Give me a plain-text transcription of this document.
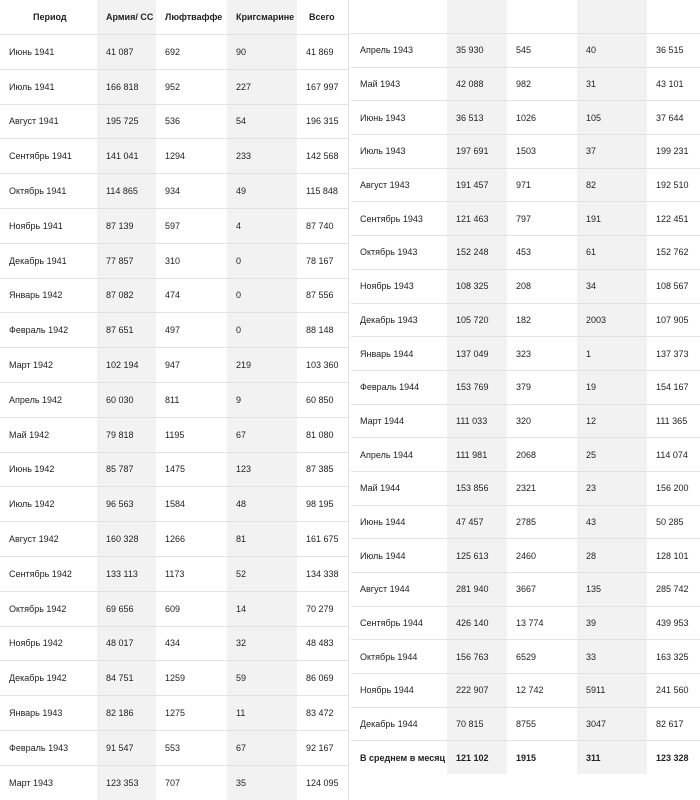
Период	Армия/ СС	Люфтваффе	Кригсмарине	Всего
Июнь 1941	41 087	692	90	41 869
Июль 1941	166 818	952	227	167 997
Август 1941	195 725	536	54	196 315
Сентябрь 1941	141 041	1294	233	142 568
Октябрь 1941	114 865	934	49	115 848
Ноябрь 1941	87 139	597	4	87 740
Декабрь 1941	77 857	310	0	78 167
Январь 1942	87 082	474	0	87 556
Февраль 1942	87 651	497	0	88 148
Март 1942	102 194	947	219	103 360
Апрель 1942	60 030	811	9	60 850
Май 1942	79 818	1195	67	81 080
Июнь 1942	85 787	1475	123	87 385
Июль 1942	96 563	1584	48	98 195
Август 1942	160 328	1266	81	161 675
Сентябрь 1942	133 113	1173	52	134 338
Октябрь 1942	69 656	609	14	70 279
Ноябрь 1942	48 017	434	32	48 483
Декабрь 1942	84 751	1259	59	86 069
Январь 1943	82 186	1275	11	83 472
Февраль 1943	91 547	553	67	92 167
Март 1943	123 353	707	35	124 095

Апрель 1943	35 930	545	40	36 515
Май 1943	42 088	982	31	43 101
Июнь 1943	36 513	1026	105	37 644
Июль 1943	197 691	1503	37	199 231
Август 1943	191 457	971	82	192 510
Сентябрь 1943	121 463	797	191	122 451
Октябрь 1943	152 248	453	61	152 762
Ноябрь 1943	108 325	208	34	108 567
Декабрь 1943	105 720	182	2003	107 905
Январь 1944	137 049	323	1	137 373
Февраль 1944	153 769	379	19	154 167
Март 1944	111 033	320	12	111 365
Апрель 1944	111 981	2068	25	114 074
Май 1944	153 856	2321	23	156 200
Июнь 1944	47 457	2785	43	50 285
Июль 1944	125 613	2460	28	128 101
Август 1944	281 940	3667	135	285 742
Сентябрь 1944	426 140	13 774	39	439 953
Октябрь 1944	156 763	6529	33	163 325
Ноябрь 1944	222 907	12 742	5911	241 560
Декабрь 1944	70 815	8755	3047	82 617
В среднем в месяц	121 102	1915	311	123 328
